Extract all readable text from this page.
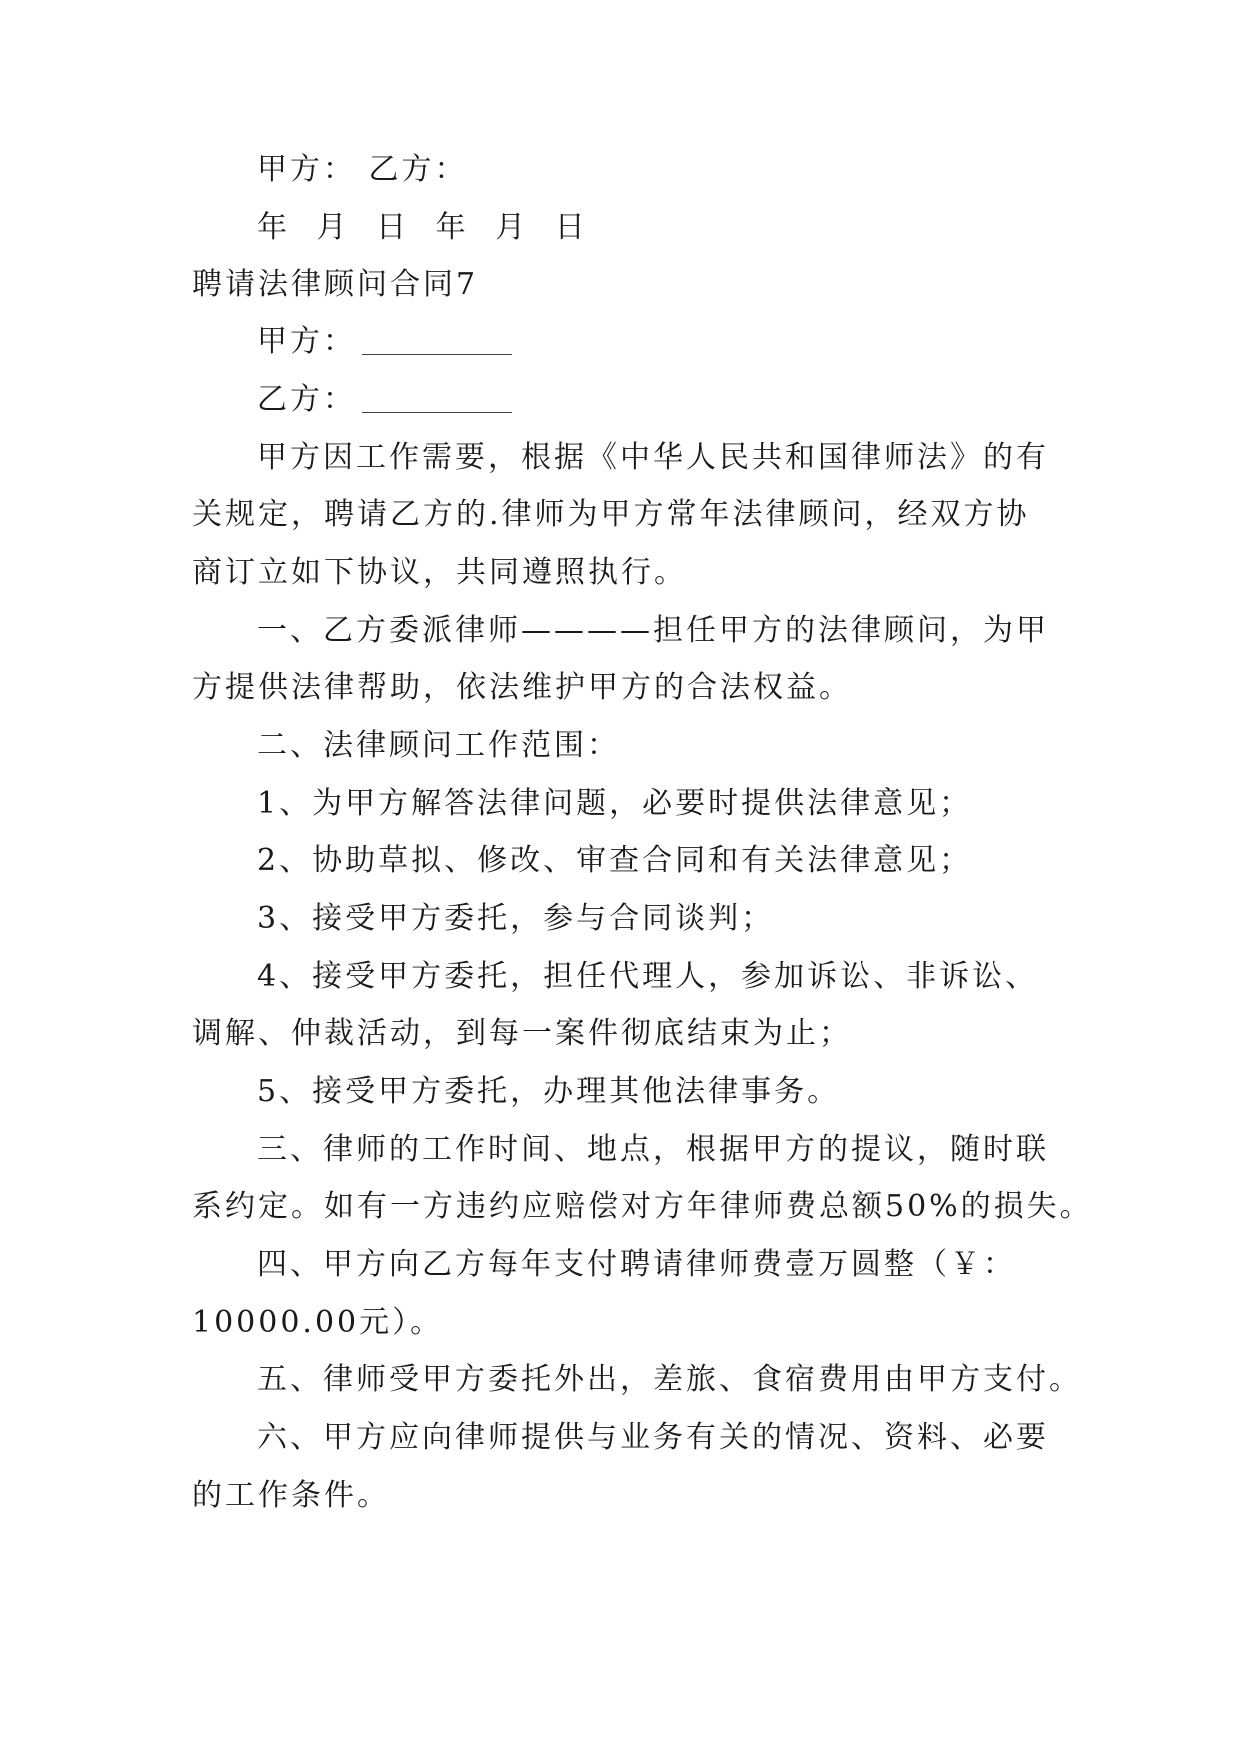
甲方： 乙方：
年 月 日 年 月 日
聘请法律顾问合同7
甲方：
乙方：
甲方因工作需要，根据《中华人民共和国律师法》的有
关规定，聘请乙方的.律师为甲方常年法律顾问，经双方协
商订立如下协议，共同遵照执行。
一、乙方委派律师————担任甲方的法律顾问，为甲
方提供法律帮助，依法维护甲方的合法权益。
二、法律顾问工作范围：
1、为甲方解答法律问题，必要时提供法律意见；
2、协助草拟、修改、审查合同和有关法律意见；
3、接受甲方委托，参与合同谈判；
4、接受甲方委托，担任代理人，参加诉讼、非诉讼、
调解、仲裁活动，到每一案件彻底结束为止；
5、接受甲方委托，办理其他法律事务。
三、律师的工作时间、地点，根据甲方的提议，随时联
系约定。如有一方违约应赔偿对方年律师费总额50%的损失。
四、甲方向乙方每年支付聘请律师费壹万圆整（￥：
10000.00元）。
五、律师受甲方委托外出，差旅、食宿费用由甲方支付。
六、甲方应向律师提供与业务有关的情况、资料、必要
的工作条件。
